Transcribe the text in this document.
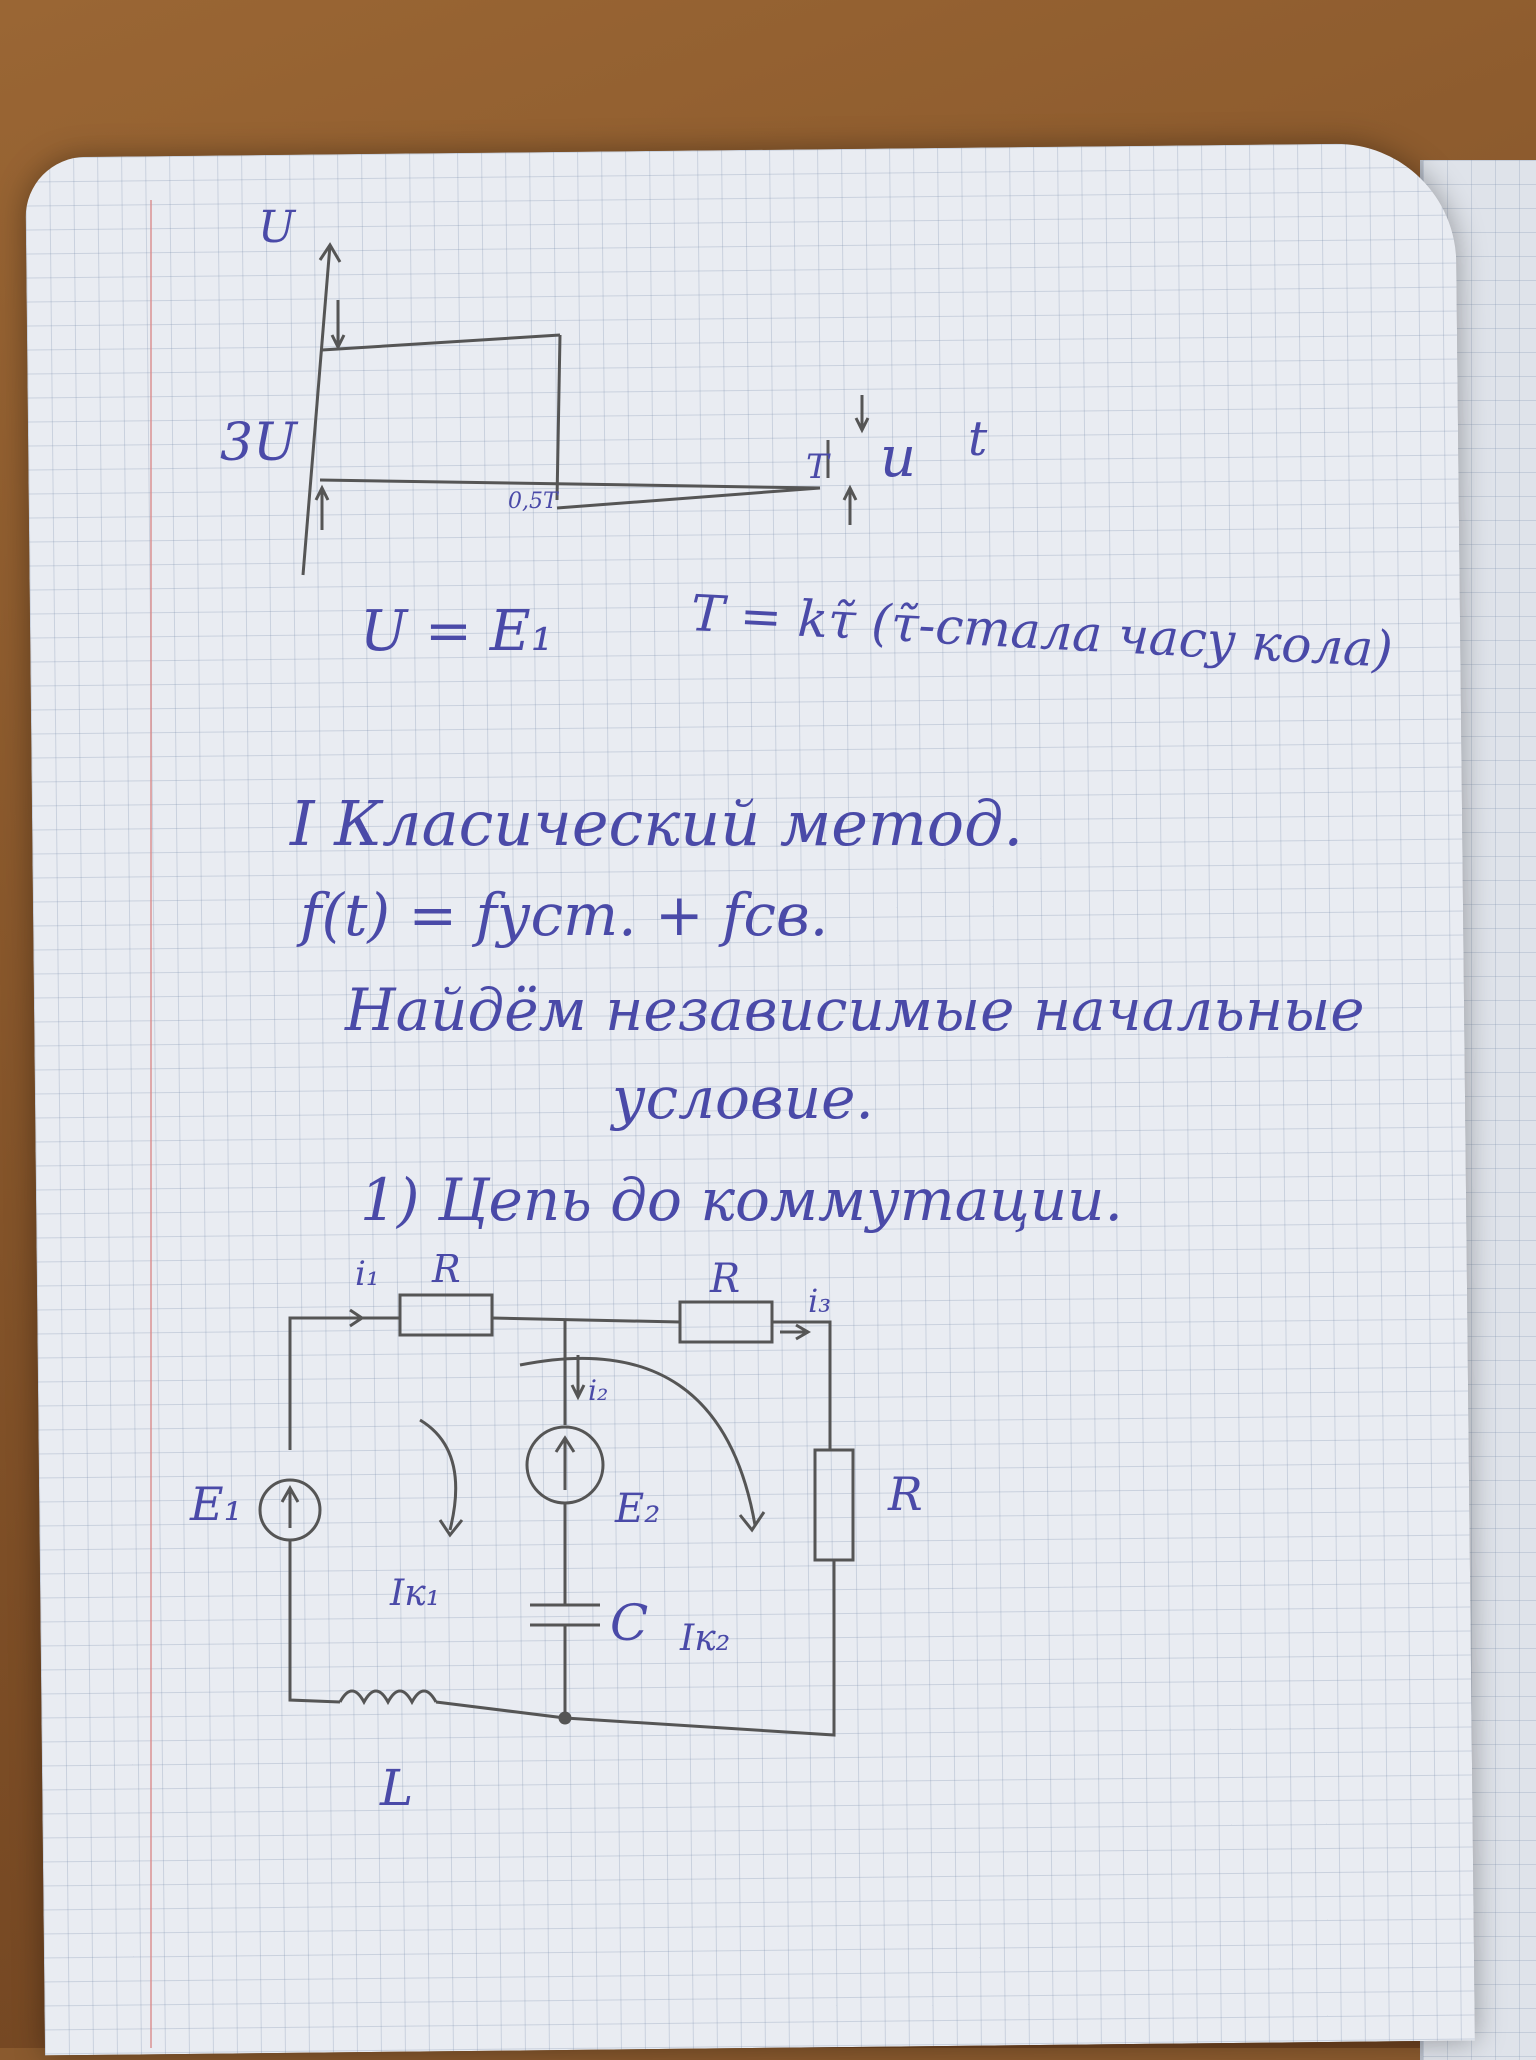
U
3U
0,5T
T u t
U = E₁	T = kτ̃ (τ̃-стала часу кола)
I Класический метод.
f(t) = fуст. + fсв.
Найдём независимые начальные
условие.
1) Цепь до коммутации.
i₁ R	R i₃
i₂
R
E₁	E₂
C
L
Iк₁
Iк₂
